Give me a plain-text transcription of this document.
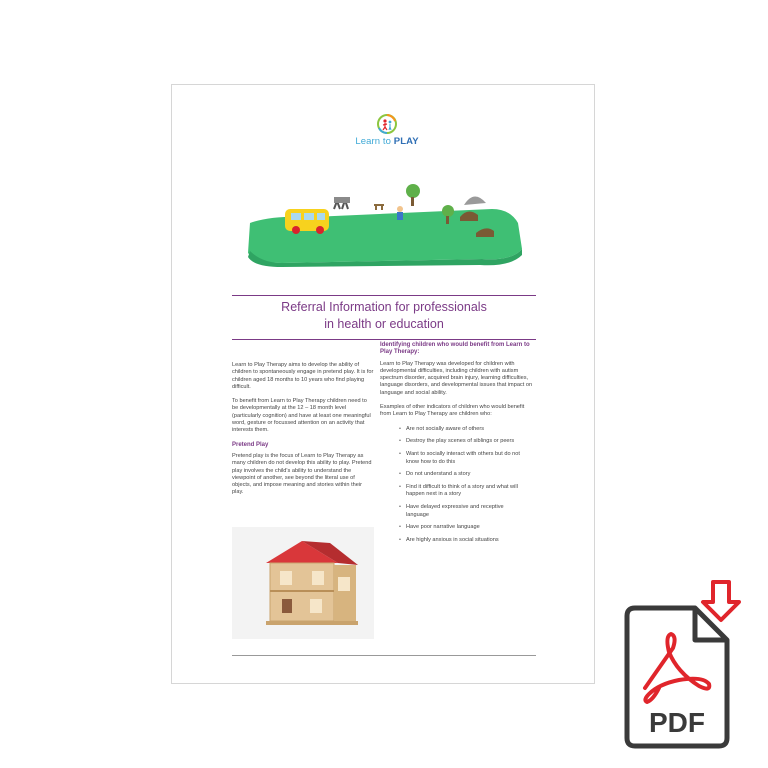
Learn to PLAY
Referral Information for professionals
in health or education

Learn to Play Therapy aims to develop the ability of children to spontaneously engage in pretend play. It is for children aged 18 months to 10 years who find playing difficult.

To benefit from Learn to Play Therapy children need to be developmentally at the 12 – 18 month level (particularly cognition) and have at least one meaningful word, gesture or focussed attention on an activity that interests them.

Pretend Play

Pretend play is the focus of Learn to Play Therapy as many children do not develop this ability to play. Pretend play involves the child's ability to understand the viewpoint of another, see beyond the literal use of objects, and impose meaning and stories within their play.

Identifying children who would benefit from Learn to Play Therapy:

Learn to Play Therapy was developed for children with developmental difficulties, including children with autism spectrum disorder, acquired brain injury, learning difficulties, language disorders, and developmental issues that impact on language and social ability.

Examples of other indicators of children who would benefit from Learn to Play Therapy are children who:

• Are not socially aware of others
• Destroy the play scenes of siblings or peers
• Want to socially interact with others but do not know how to do this
• Do not understand a story
• Find it difficult to think of a story and what will happen next in a story
• Have delayed expressive and receptive language
• Have poor narrative language
• Are highly anxious in social situations
PDF
